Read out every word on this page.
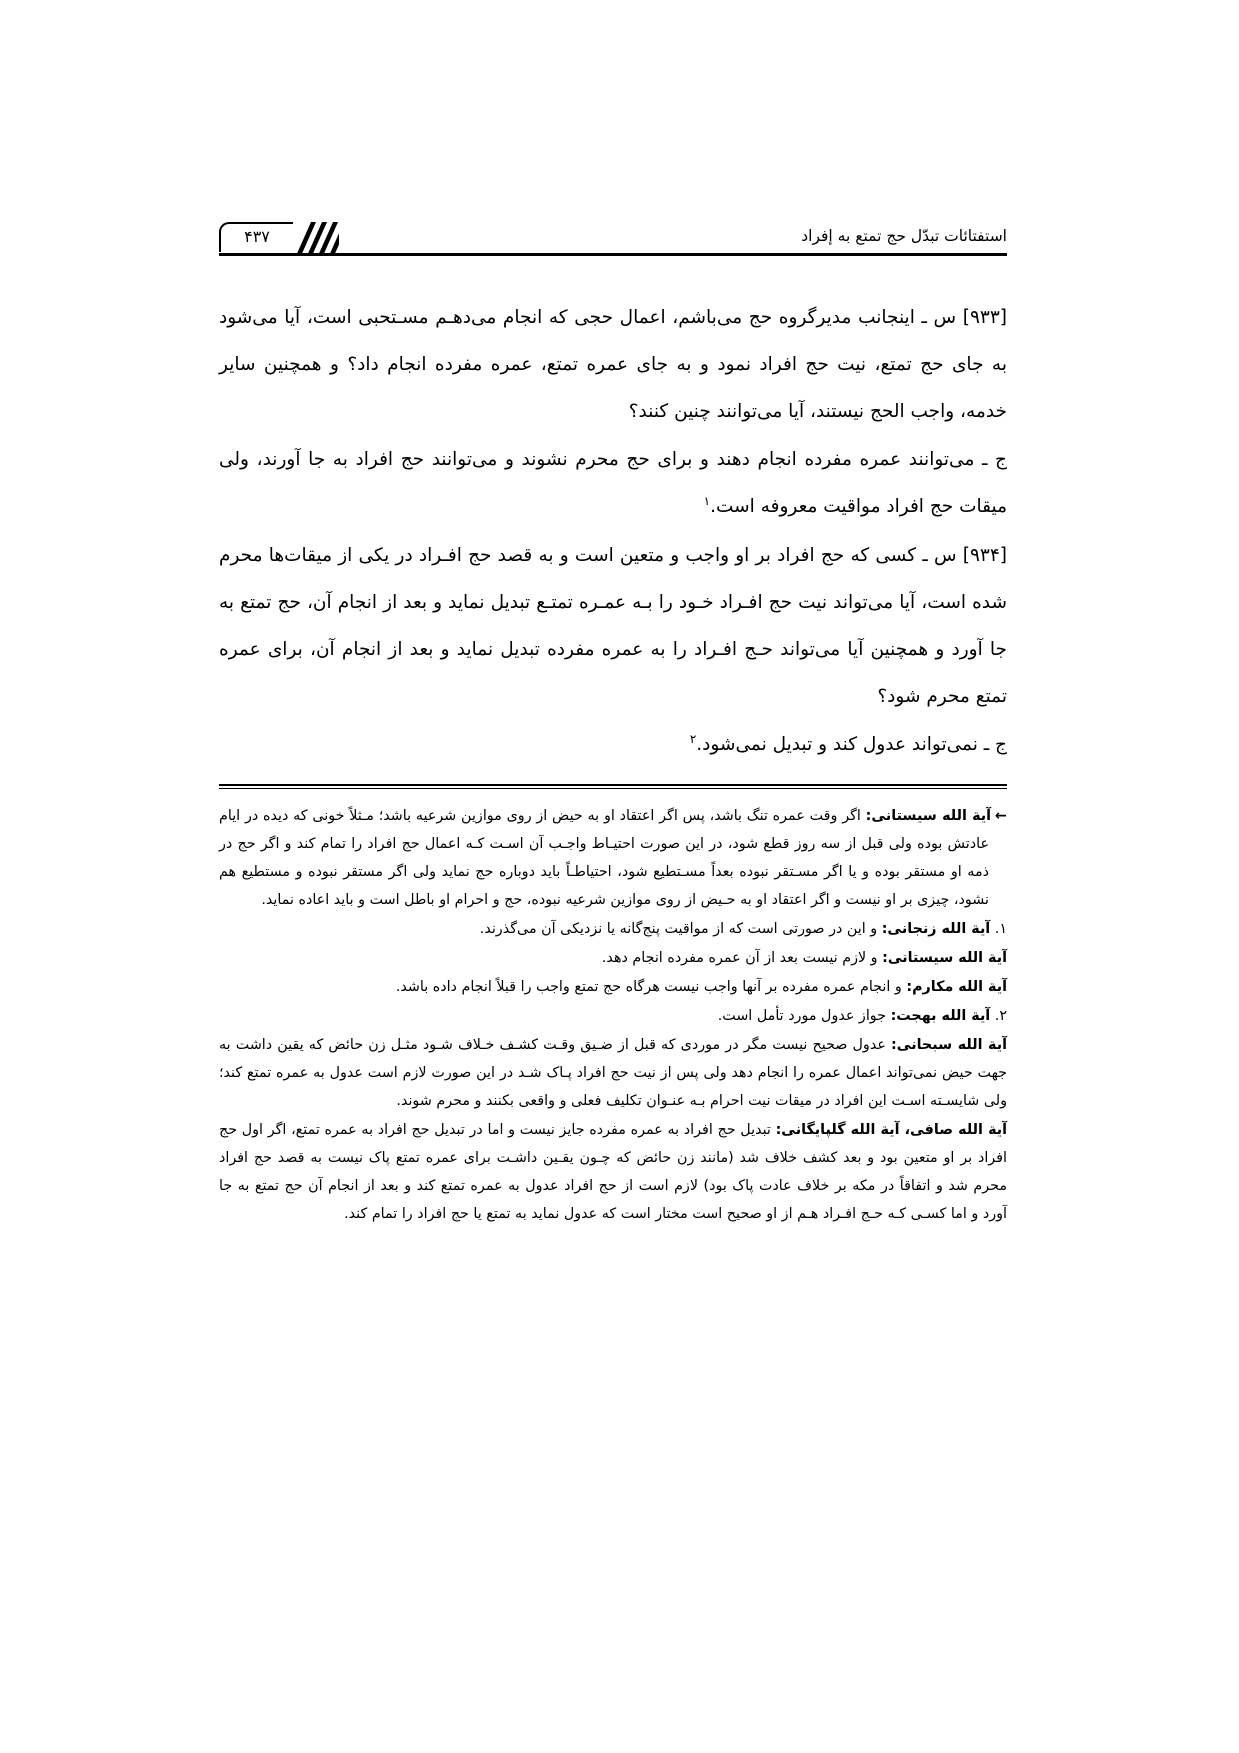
استفتائات تبدّل حج تمتع به إفراد
۴۳۷

[۹۳۳] س ـ اینجانب مدیرگروه حج می‌باشم، اعمال حجی که انجام می‌دهـم مسـتحبی است، آیا می‌شود به جای حج تمتع، نیت حج افراد نمود و به جای عمره تمتع، عمره مفرده انجام داد؟ و همچنین سایر خدمه، واجب الحج نیستند، آیا می‌توانند چنین کنند؟

ج ـ می‌توانند عمره مفرده انجام دهند و برای حج محرم نشوند و می‌توانند حج افراد به جا آورند، ولی میقات حج افراد مواقیت معروفه است.$^۱$

[۹۳۴] س ـ کسی که حج افراد بر او واجب و متعین است و به قصد حج افـراد در یکی از میقات‌ها محرم شده است، آیا می‌تواند نیت حج افـراد خـود را بـه عمـره تمتـع تبدیل نماید و بعد از انجام آن، حج تمتع به جا آورد و همچنین آیا می‌تواند حـج افـراد را به عمره مفرده تبدیل نماید و بعد از انجام آن، برای عمره تمتع محرم شود؟

ج ـ نمی‌تواند عدول کند و تبدیل نمی‌شود.$^۲$

←آیة الله سیستانی: اگر وقت عمره تنگ باشد، پس اگر اعتقاد او به حیض از روی موازین شرعیه باشد؛ مـثلاً خونی که دیده در ایام عادتش بوده ولی قبل از سه روز قطع شود، در این صورت احتیـاط واجـب آن اسـت کـه اعمال حج افراد را تمام کند و اگر حج در ذمه او مستقر بوده و یا اگر مسـتقر نبوده بعداً مسـتطیع شود، احتیاطـاً باید دوباره حج نماید ولی اگر مستقر نبوده و مستطیع هم نشود، چیزی بر او نیست و اگر اعتقاد او به حـیض از روی موازین شرعیه نبوده، حج و احرام او باطل است و باید اعاده نماید.

۱. آیة الله زنجانی: و این در صورتی است که از مواقیت پنج‌گانه یا نزدیکی آن می‌گذرند.

آیة الله سیستانی: و لازم نیست بعد از آن عمره مفرده انجام دهد.

آیة الله مکارم: و انجام عمره مفرده بر آنها واجب نیست هرگاه حج تمتع واجب را قبلاً انجام داده باشد.

۲. آیة الله بهجت: جواز عدول مورد تأمل است.

آیة الله سبحانی: عدول صحیح نیست مگر در موردی که قبل از ضـیق وقـت کشـف خـلاف شـود مثـل زن حائض که یقین داشت به جهت حیض نمی‌تواند اعمال عمره را انجام دهد ولی پس از نیت حج افراد پـاک شـد در این صورت لازم است عدول به عمره تمتع کند؛ ولی شایسـته اسـت این افراد در میقات نیت احرام بـه عنـوان تکلیف فعلی و واقعی بکنند و محرم شوند.

آیة الله صافی، آیة الله گلپایگانی: تبدیل حج افراد به عمره مفرده جایز نیست و اما در تبدیل حج افراد به عمره تمتع، اگر اول حج افراد بر او متعین بود و بعد کشف خلاف شد (مانند زن حائض که چـون یقـین داشـت برای عمره تمتع پاک نیست به قصد حج افراد محرم شد و اتفاقاً در مکه بر خلاف عادت پاک بود) لازم است از حج افراد عدول به عمره تمتع کند و بعد از انجام آن حج تمتع به جا آورد و اما کسـی کـه حـج افـراد هـم از او صحیح است مختار است که عدول نماید به تمتع یا حج افراد را تمام کند.
